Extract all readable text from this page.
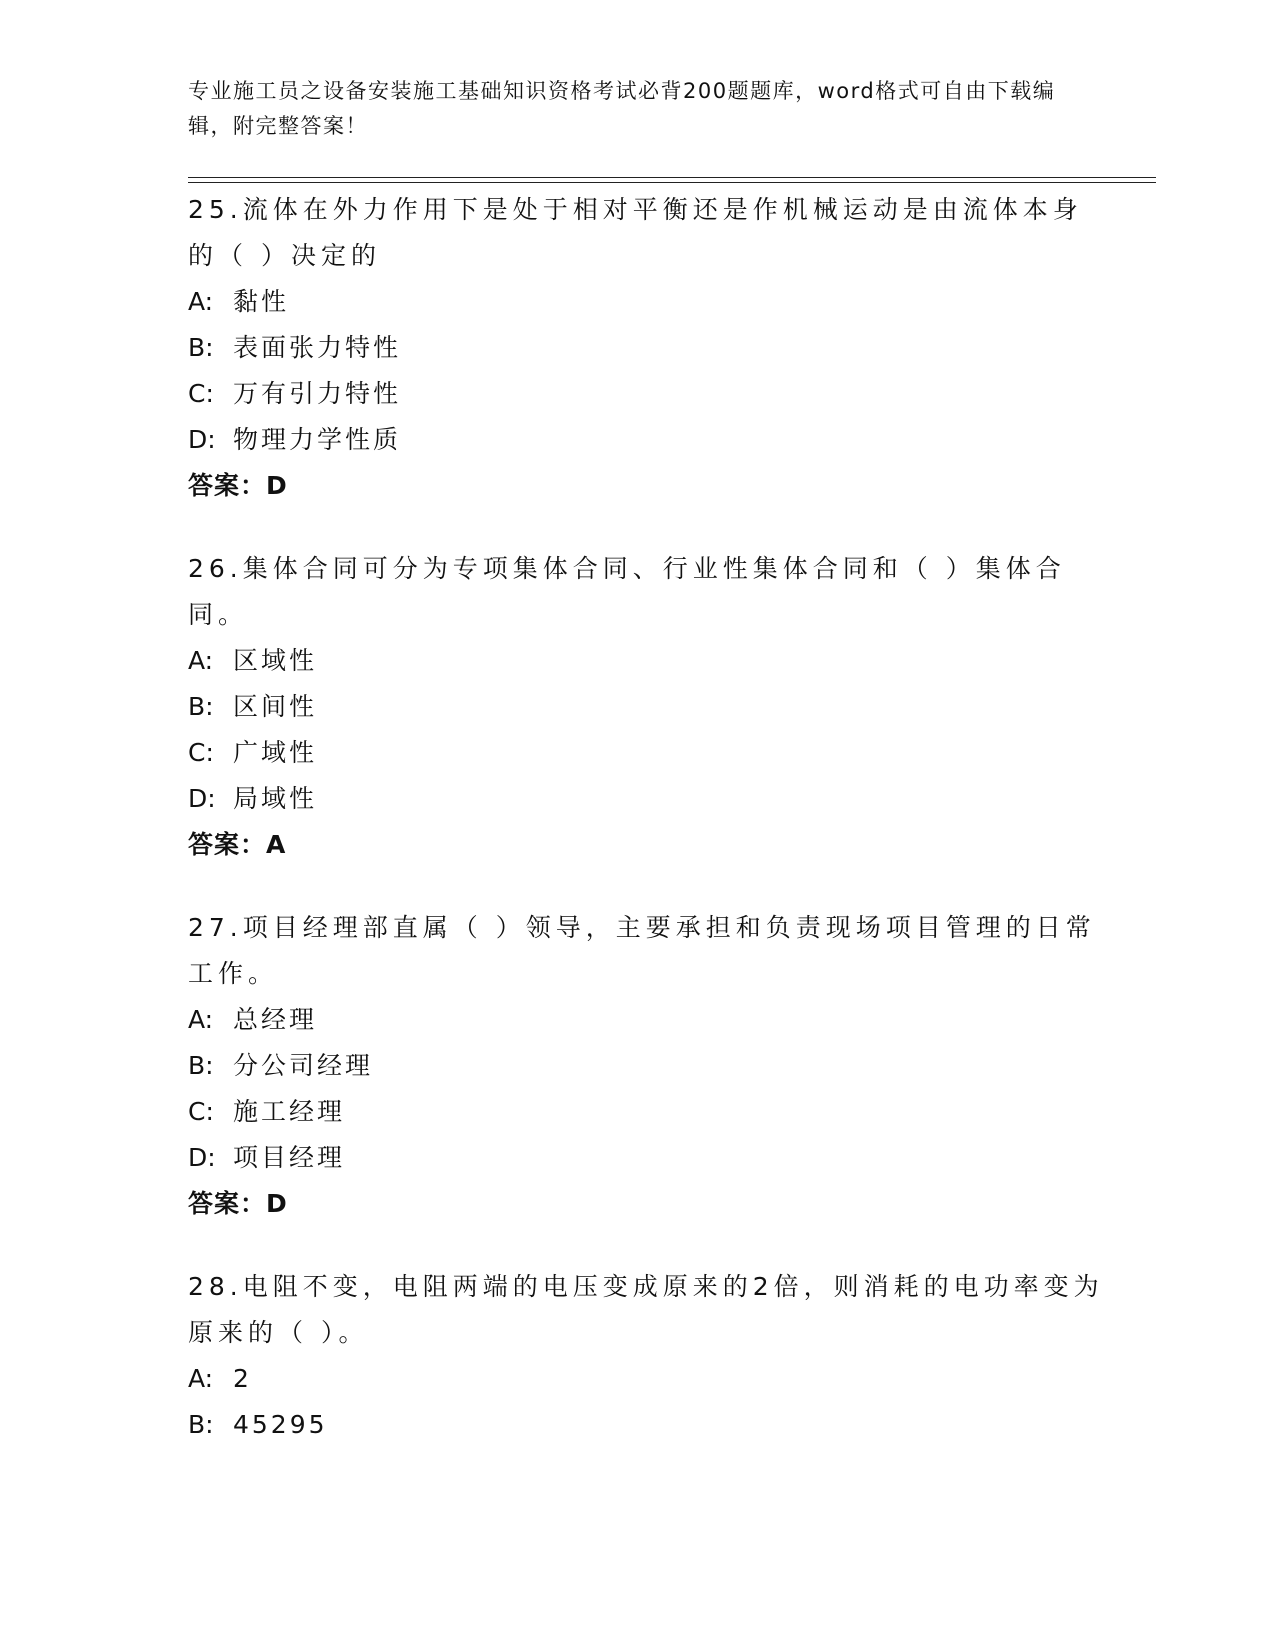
专业施工员之设备安装施工基础知识资格考试必背200题题库，word格式可自由下载编辑，附完整答案！
25.流体在外力作用下是处于相对平衡还是作机械运动是由流体本身的（ ）决定的
A: 黏性
B: 表面张力特性
C: 万有引力特性
D: 物理力学性质
答案：D
26.集体合同可分为专项集体合同、行业性集体合同和（ ）集体合同。
A: 区域性
B: 区间性
C: 广域性
D: 局域性
答案：A
27.项目经理部直属（ ）领导，主要承担和负责现场项目管理的日常工作。
A: 总经理
B: 分公司经理
C: 施工经理
D: 项目经理
答案：D
28.电阻不变，电阻两端的电压变成原来的2倍，则消耗的电功率变为原来的（ ）。
A: 2
B: 45295
